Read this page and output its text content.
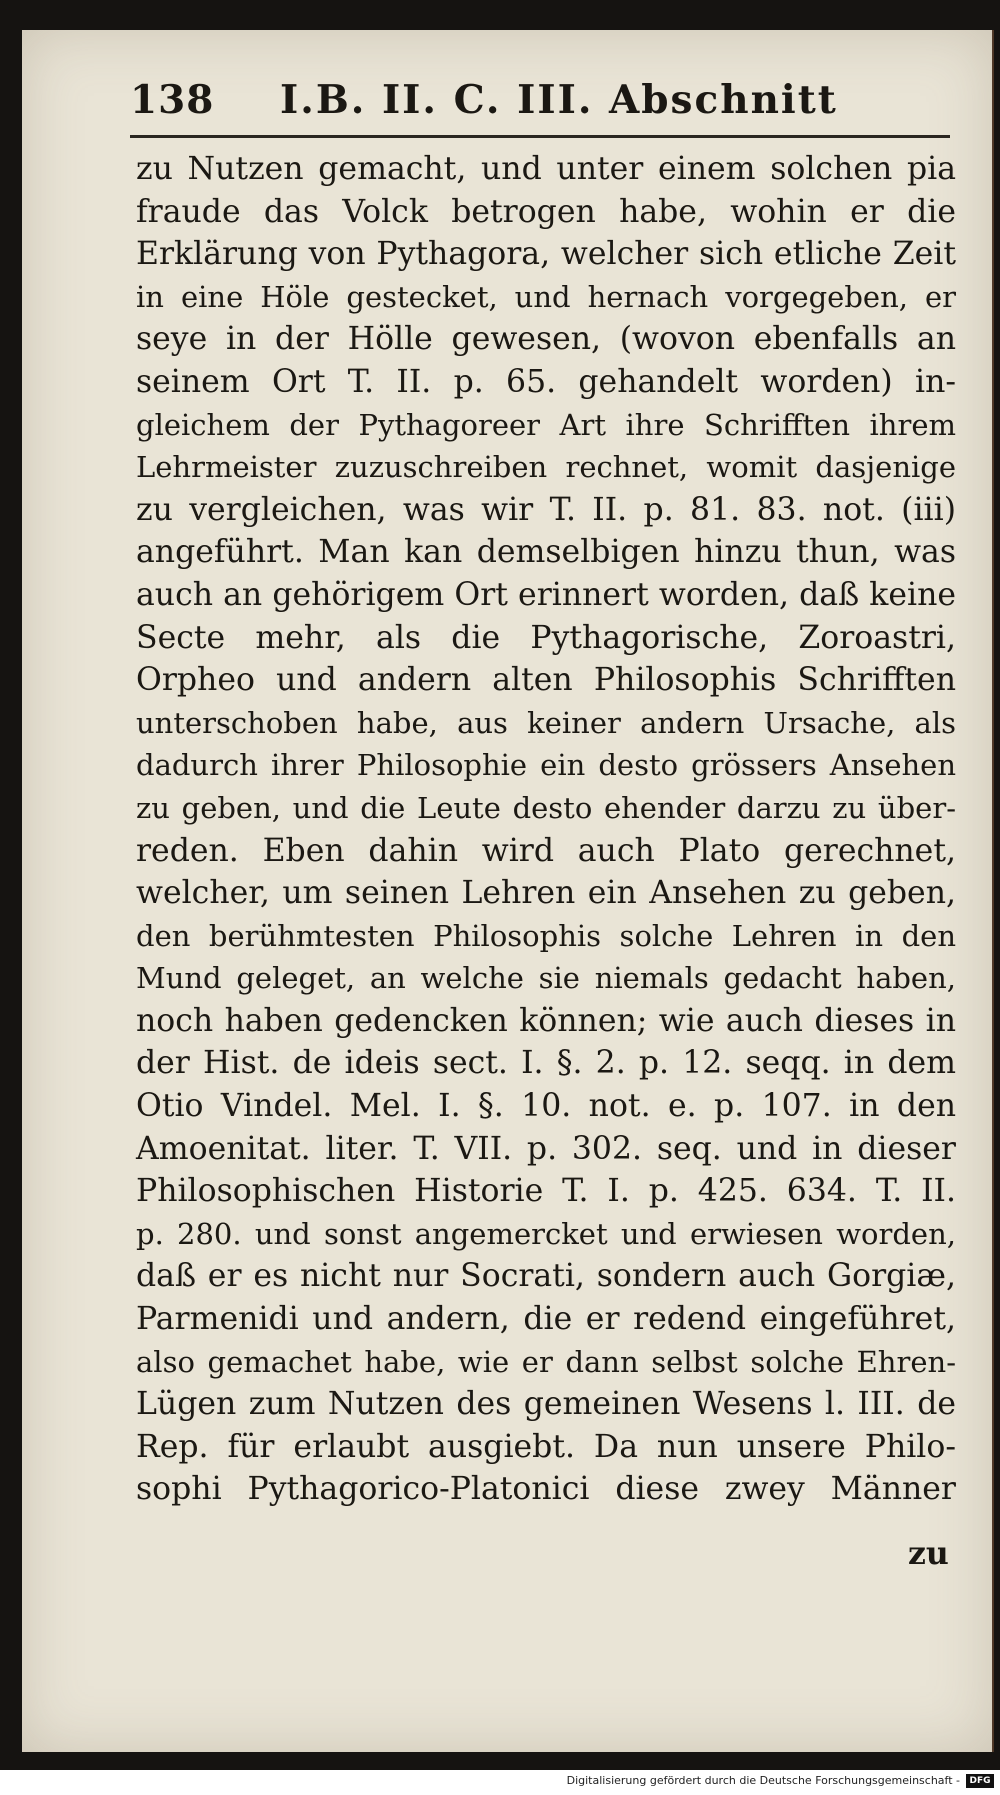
138 I.B. II. C. III. Abschnitt
zu Nutzen gemacht, und unter einem solchen pia
fraude das Volck betrogen habe, wohin er die
Erklärung von Pythagora, welcher sich etliche Zeit
in eine Höle gestecket, und hernach vorgegeben, er
seye in der Hölle gewesen, (wovon ebenfalls an
seinem Ort T. II. p. 65. gehandelt worden) in-
gleichem der Pythagoreer Art ihre Schrifften ihrem
Lehrmeister zuzuschreiben rechnet, womit dasjenige
zu vergleichen, was wir T. II. p. 81. 83. not. (iii)
angeführt. Man kan demselbigen hinzu thun, was
auch an gehörigem Ort erinnert worden, daß keine
Secte mehr, als die Pythagorische, Zoroastri,
Orpheo und andern alten Philosophis Schrifften
unterschoben habe, aus keiner andern Ursache, als
dadurch ihrer Philosophie ein desto grössers Ansehen
zu geben, und die Leute desto ehender darzu zu über-
reden. Eben dahin wird auch Plato gerechnet,
welcher, um seinen Lehren ein Ansehen zu geben,
den berühmtesten Philosophis solche Lehren in den
Mund geleget, an welche sie niemals gedacht haben,
noch haben gedencken können; wie auch dieses in
der Hist. de ideis sect. I. §. 2. p. 12. seqq. in dem
Otio Vindel. Mel. I. §. 10. not. e. p. 107. in den
Amoenitat. liter. T. VII. p. 302. seq. und in dieser
Philosophischen Historie T. I. p. 425. 634. T. II.
p. 280. und sonst angemercket und erwiesen worden,
daß er es nicht nur Socrati, sondern auch Gorgiæ,
Parmenidi und andern, die er redend eingeführet,
also gemachet habe, wie er dann selbst solche Ehren-
Lügen zum Nutzen des gemeinen Wesens l. III. de
Rep. für erlaubt ausgiebt. Da nun unsere Philo-
sophi Pythagorico-Platonici diese zwey Männer
zu
Digitalisierung gefördert durch die Deutsche Forschungsgemeinschaft -	DFG
